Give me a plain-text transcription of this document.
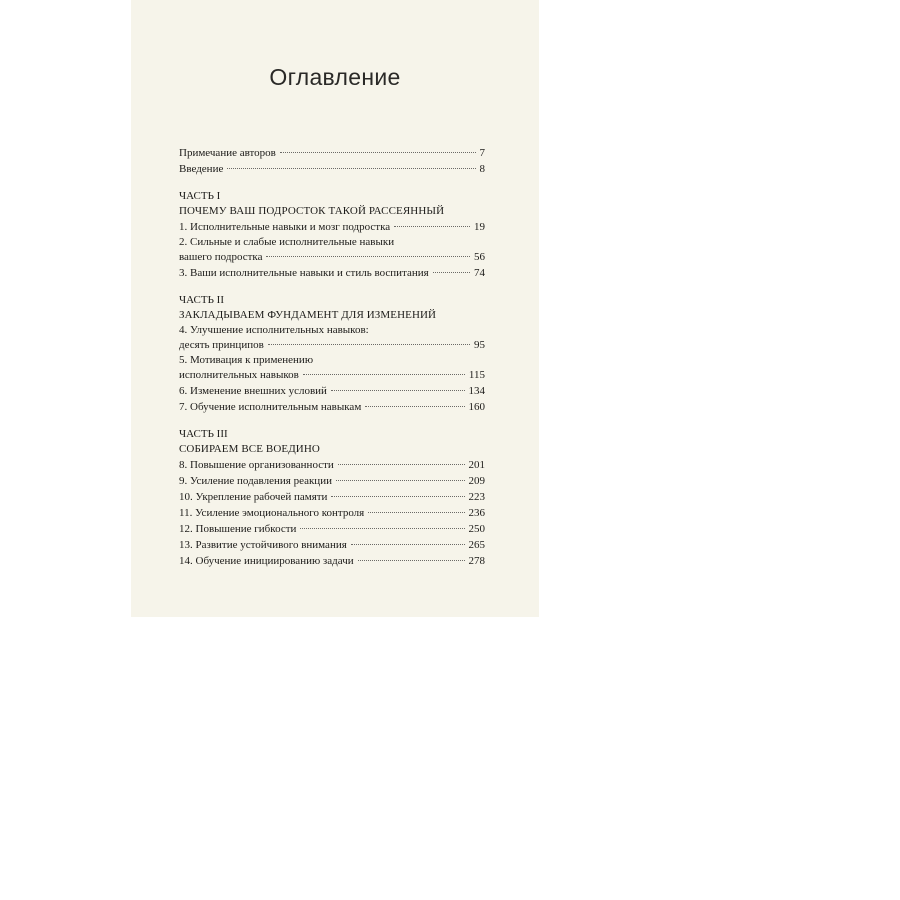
Оглавление
Примечание авторов	7
Введение	8
ЧАСТЬ I
ПОЧЕМУ ВАШ ПОДРОСТОК ТАКОЙ РАССЕЯННЫЙ
1. Исполнительные навыки и мозг подростка	19
2. Сильные и слабые исполнительные навыки
вашего подростка	56
3. Ваши исполнительные навыки и стиль воспитания	74
ЧАСТЬ II
ЗАКЛАДЫВАЕМ ФУНДАМЕНТ ДЛЯ ИЗМЕНЕНИЙ
4. Улучшение исполнительных навыков:
десять принципов	95
5. Мотивация к применению
исполнительных навыков	115
6. Изменение внешних условий	134
7. Обучение исполнительным навыкам	160
ЧАСТЬ III
СОБИРАЕМ ВСЕ ВОЕДИНО
8. Повышение организованности	201
9. Усиление подавления реакции	209
10. Укрепление рабочей памяти	223
11. Усиление эмоционального контроля	236
12. Повышение гибкости	250
13. Развитие устойчивого внимания	265
14. Обучение инициированию задачи	278
